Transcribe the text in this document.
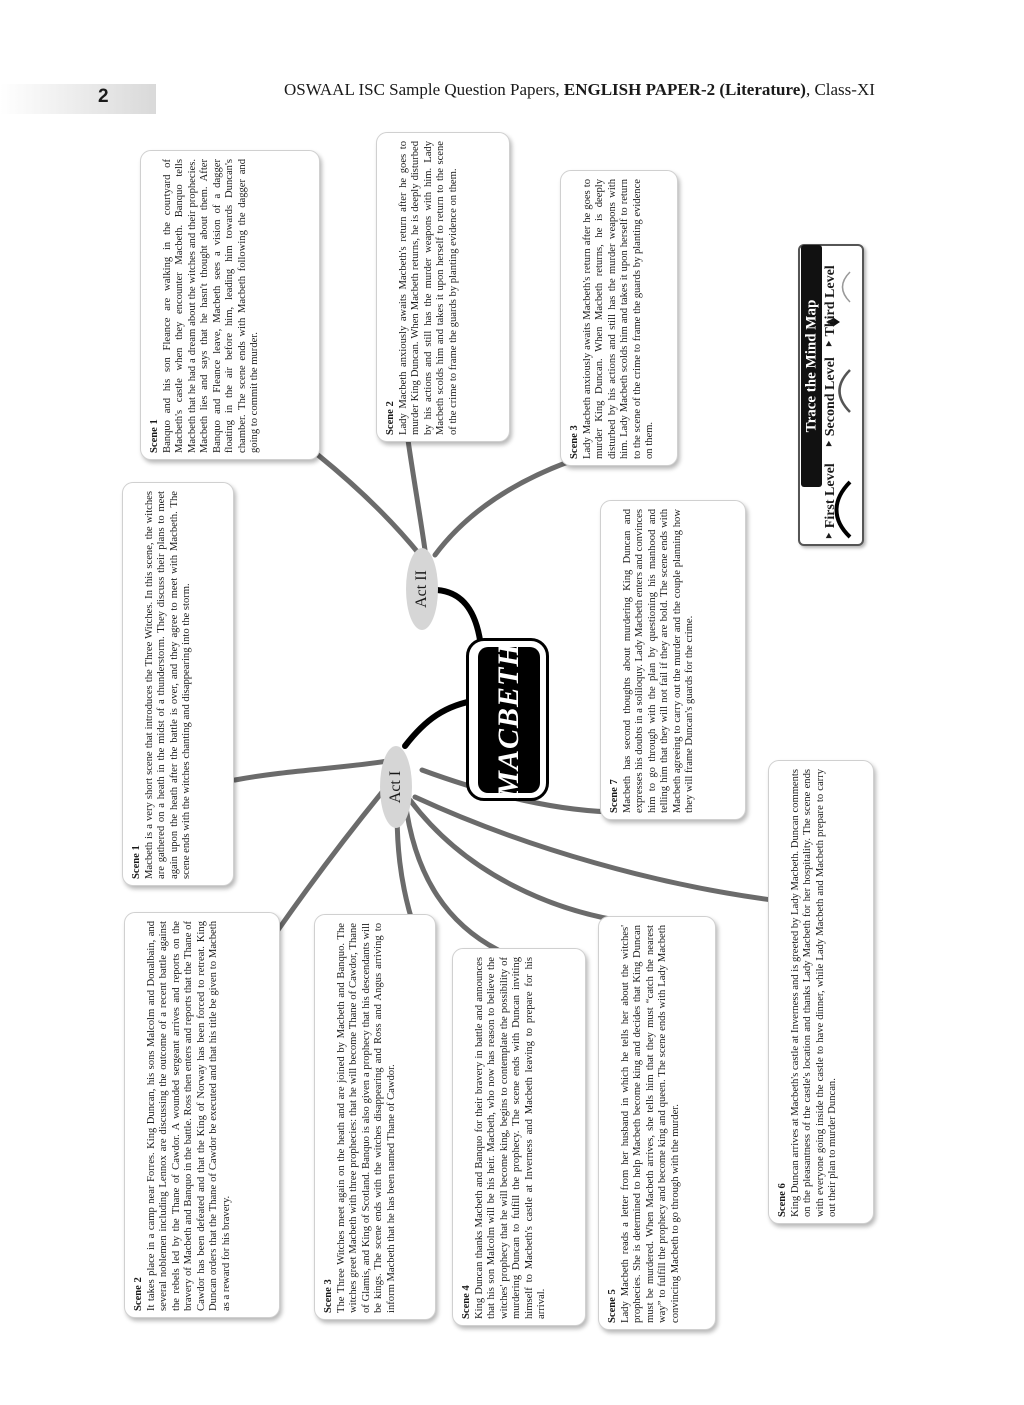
2	OSWAAL ISC Sample Question Papers, ENGLISH PAPER-2 (Literature), Class-XI
MACBETH
Act I
Act II
Scene 1 Macbeth is a very short scene that introduces the Three Witches. In this scene, the witches are gathered on a heath in the midst of a thunderstorm. They discuss their plans to meet again upon the heath after the battle is over, and they agree to meet with Macbeth. The scene ends with the witches chanting and disappearing into the storm.
Scene 2 It takes place in a camp near Forres. King Duncan, his sons Malcolm and Donalbain, and several noblemen including Lennox are discussing the outcome of a recent battle against the rebels led by the Thane of Cawdor. A wounded sergeant arrives and reports on the bravery of Macbeth and Banquo in the battle. Ross then enters and reports that the Thane of Cawdor has been defeated and that the King of Norway has been forced to retreat. King Duncan orders that the Thane of Cawdor be executed and that his title be given to Macbeth as a reward for his bravery.	Scene 3 The Three Witches meet again on the heath and are joined by Macbeth and Banquo. The witches greet Macbeth with three prophecies: that he will become Thane of Cawdor, Thane of Glamis, and King of Scotland. Banquo is also given a prophecy that his descendants will be kings. The scene ends with the witches disappearing and Ross and Angus arriving to inform Macbeth that he has been named Thane of Cawdor.	Scene 4 King Duncan thanks Macbeth and Banquo for their bravery in battle and announces that his son Malcolm will be his heir. Macbeth, who now has reason to believe the witches' prophecy that he will become king, begins to contemplate the possibility of murdering Duncan to fulfill the prophecy. The scene ends with Duncan inviting himself to Macbeth's castle at Inverness and Macbeth leaving to prepare for his arrival.	Scene 5 Lady Macbeth reads a letter from her husband in which he tells her about the witches' prophecies. She is determined to help Macbeth become king and decides that King Duncan must be murdered. When Macbeth arrives, she tells him that they must “catch the nearest way” to fulfill the prophecy and become king and queen. The scene ends with Lady Macbeth convincing Macbeth to go through with the murder.	Scene 6 King Duncan arrives at Macbeth's castle at Inverness and is greeted by Lady Macbeth. Duncan comments on the pleasantness of the castle's location and thanks Lady Macbeth for her hospitality. The scene ends with everyone going inside the castle to have dinner, while Lady Macbeth and Macbeth prepare to carry out their plan to murder Duncan.
Scene 7 Macbeth has second thoughts about murdering King Duncan and expresses his doubts in a soliloquy. Lady Macbeth enters and convinces him to go through with the plan by questioning his manhood and telling him that they will not fail if they are bold. The scene ends with Macbeth agreeing to carry out the murder and the couple planning how they will frame Duncan's guards for the crime.
Scene 1 Banquo and his son Fleance are walking in the courtyard of Macbeth's castle when they encounter Macbeth. Banquo tells Macbeth that he had a dream about the witches and their prophecies. Macbeth lies and says that he hasn't thought about them. After Banquo and Fleance leave, Macbeth sees a vision of a dagger floating in the air before him, leading him towards Duncan's chamber. The scene ends with Macbeth following the dagger and going to commit the murder.	Scene 2 Lady Macbeth anxiously awaits Macbeth's return after he goes to murder King Duncan. When Macbeth returns, he is deeply disturbed by his actions and still has the murder weapons with him. Lady Macbeth scolds him and takes it upon herself to return to the scene of the crime to frame the guards by planting evidence on them.
Scene 3 Lady Macbeth anxiously awaits Macbeth's return after he goes to murder King Duncan. When Macbeth returns, he is deeply disturbed by his actions and still has the murder weapons with him. Lady Macbeth scolds him and takes it upon herself to return to the scene of the crime to frame the guards by planting evidence on them.
Trace the Mind Map
‣ First Level
‣ Second Level
‣ Third Level
